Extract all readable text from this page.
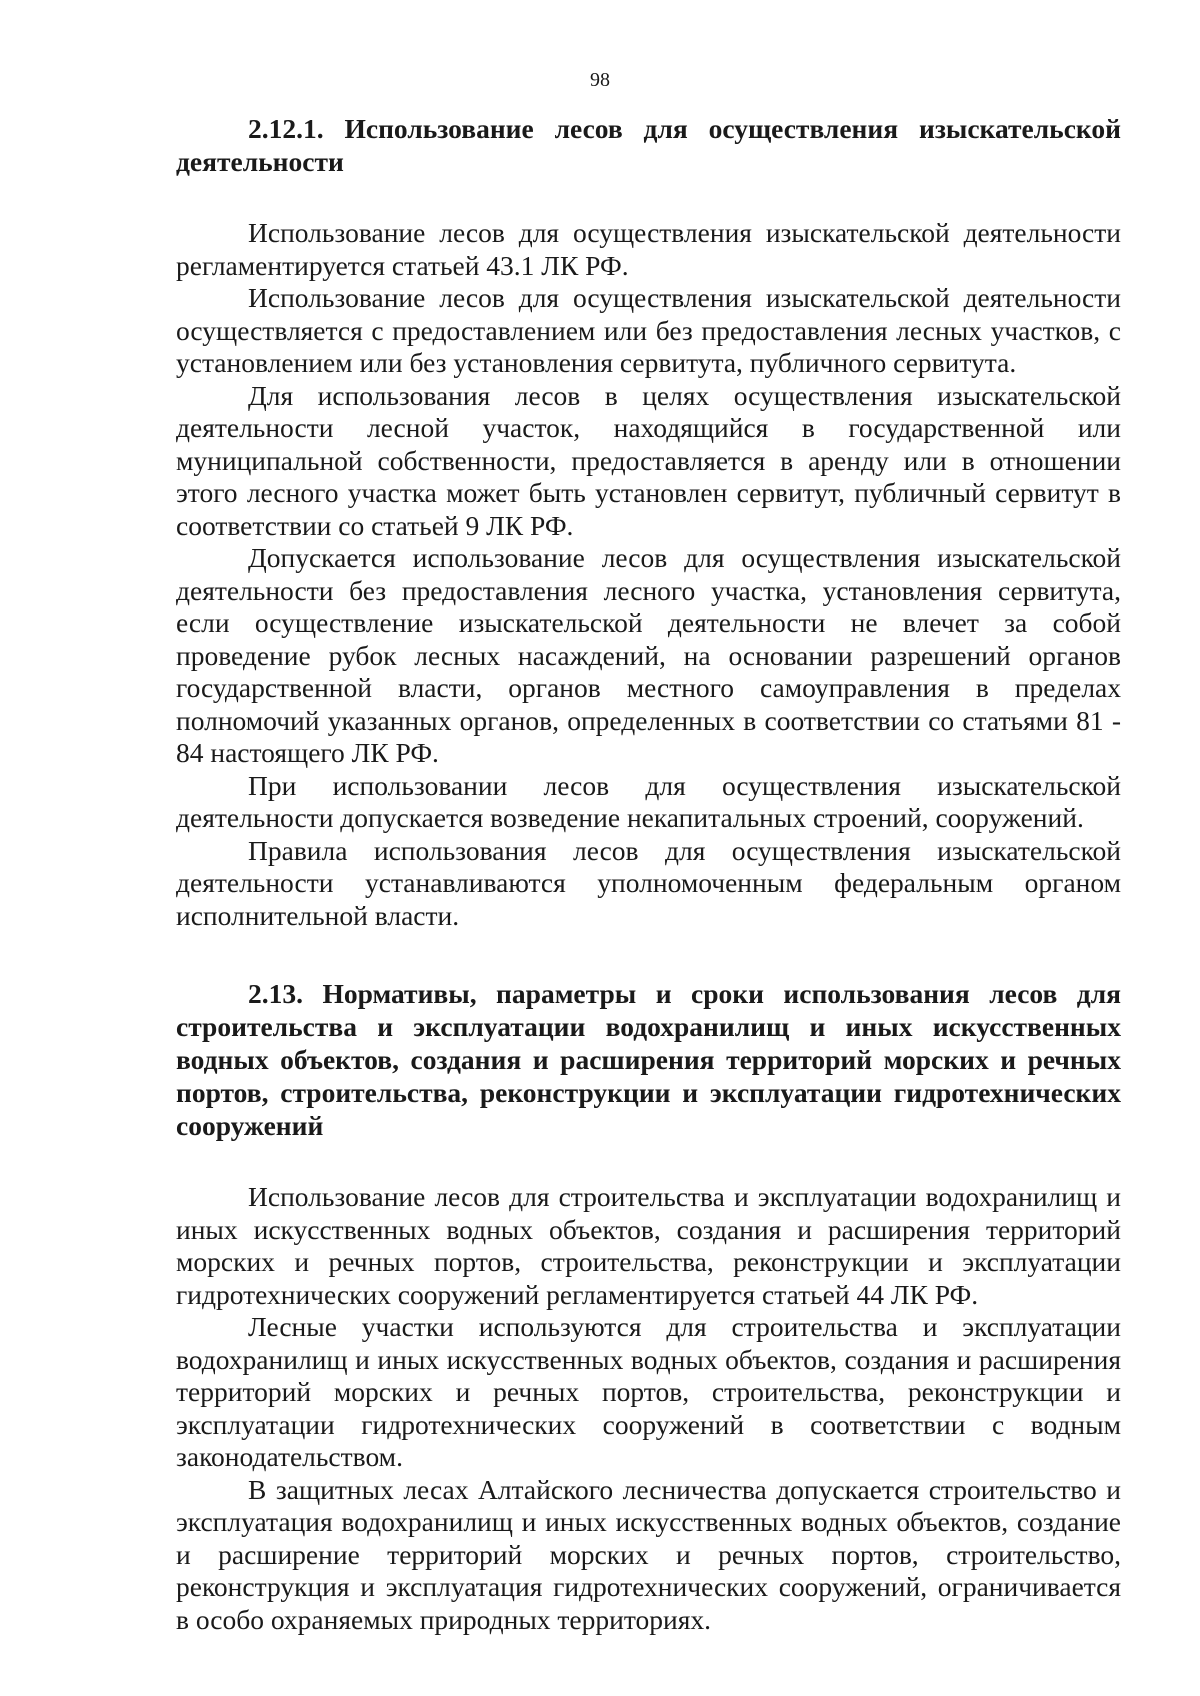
98

2.12.1. Использование лесов для осуществления изыскательской деятельности

Использование лесов для осуществления изыскательской деятельности регламентируется статьей 43.1 ЛК РФ.

Использование лесов для осуществления изыскательской деятельности осуществляется с предоставлением или без предоставления лесных участков, с установлением или без установления сервитута, публичного сервитута.

Для использования лесов в целях осуществления изыскательской деятельности лесной участок, находящийся в государственной или муниципальной собственности, предоставляется в аренду или в отношении этого лесного участка может быть установлен сервитут, публичный сервитут в соответствии со статьей 9 ЛК РФ.

Допускается использование лесов для осуществления изыскательской деятельности без предоставления лесного участка, установления сервитута, если осуществление изыскательской деятельности не влечет за собой проведение рубок лесных насаждений, на основании разрешений органов государственной власти, органов местного самоуправления в пределах полномочий указанных органов, определенных в соответствии со статьями 81 - 84 настоящего ЛК РФ.

При использовании лесов для осуществления изыскательской деятельности допускается возведение некапитальных строений, сооружений.

Правила использования лесов для осуществления изыскательской деятельности устанавливаются уполномоченным федеральным органом исполнительной власти.

2.13. Нормативы, параметры и сроки использования лесов для строительства и эксплуатации водохранилищ и иных искусственных водных объектов, создания и расширения территорий морских и речных портов, строительства, реконструкции и эксплуатации гидротехнических сооружений

Использование лесов для строительства и эксплуатации водохранилищ и иных искусственных водных объектов, создания и расширения территорий морских и речных портов, строительства, реконструкции и эксплуатации гидротехнических сооружений регламентируется статьей 44 ЛК РФ.

Лесные участки используются для строительства и эксплуатации водохранилищ и иных искусственных водных объектов, создания и расширения территорий морских и речных портов, строительства, реконструкции и эксплуатации гидротехнических сооружений в соответствии с водным законодательством.

В защитных лесах Алтайского лесничества допускается строительство и эксплуатация водохранилищ и иных искусственных водных объектов, создание и расширение территорий морских и речных портов, строительство, реконструкция и эксплуатация гидротехнических сооружений, ограничивается в особо охраняемых природных территориях.
